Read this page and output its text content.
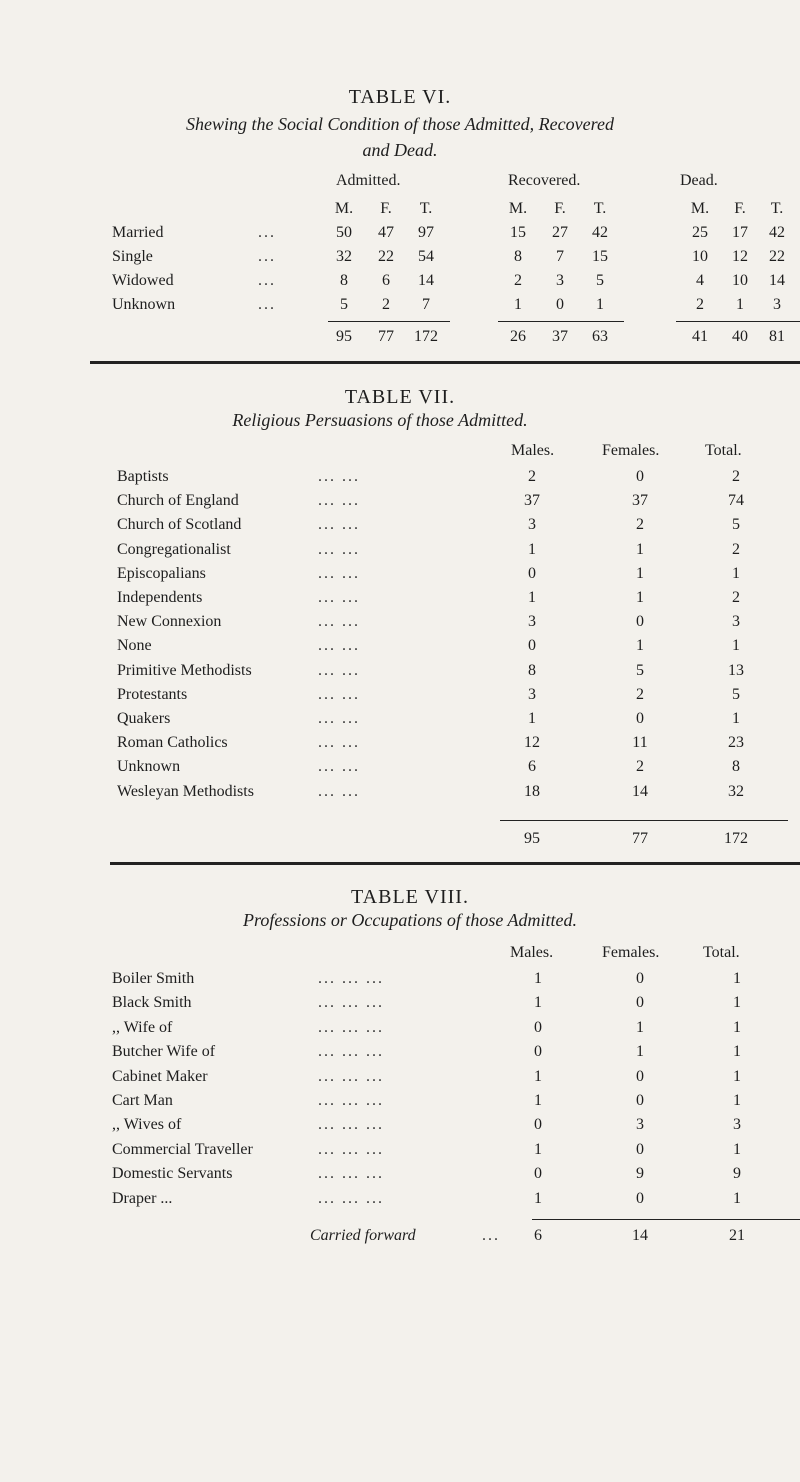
TABLE VI.
Shewing the Social Condition of those Admitted, Recovered
and Dead.
Admitted.	Recovered.	Dead.
M.	F.	T.	M.	F.	T.	M.	F.	T.
Married	...	50	47	97	15	27	42	25	17	42
Single	...	32	22	54	8	7	15	10	12	22
Widowed	...	8	6	14	2	3	5	4	10	14
Unknown	...	5	2	7	1	0	1	2	1	3
95	77	172	26	37	63	41	40	81
TABLE VII.
Religious Persuasions of those Admitted.
Males.	Females.	Total.
Baptists	... ...	2	0	2
Church of England	... ...	37	37	74
Church of Scotland	... ...	3	2	5
Congregationalist	... ...	1	1	2
Episcopalians	... ...	0	1	1
Independents	... ...	1	1	2
New Connexion	... ...	3	0	3
None	... ...	0	1	1
Primitive Methodists	... ...	8	5	13
Protestants	... ...	3	2	5
Quakers	... ...	1	0	1
Roman Catholics	... ...	12	11	23
Unknown	... ...	6	2	8
Wesleyan Methodists	... ...	18	14	32
95	77	172
TABLE VIII.
Professions or Occupations of those Admitted.
Males.	Females.	Total.
Boiler Smith	... ... ...	1	0	1
Black Smith	... ... ...	1	0	1
,, Wife of	... ... ...	0	1	1
Butcher Wife of	... ... ...	0	1	1
Cabinet Maker	... ... ...	1	0	1
Cart Man	... ... ...	1	0	1
,, Wives of	... ... ...	0	3	3
Commercial Traveller	... ... ...	1	0	1
Domestic Servants	... ... ...	0	9	9
Draper ...	... ... ...	1	0	1
Carried forward	...	6	14	21
